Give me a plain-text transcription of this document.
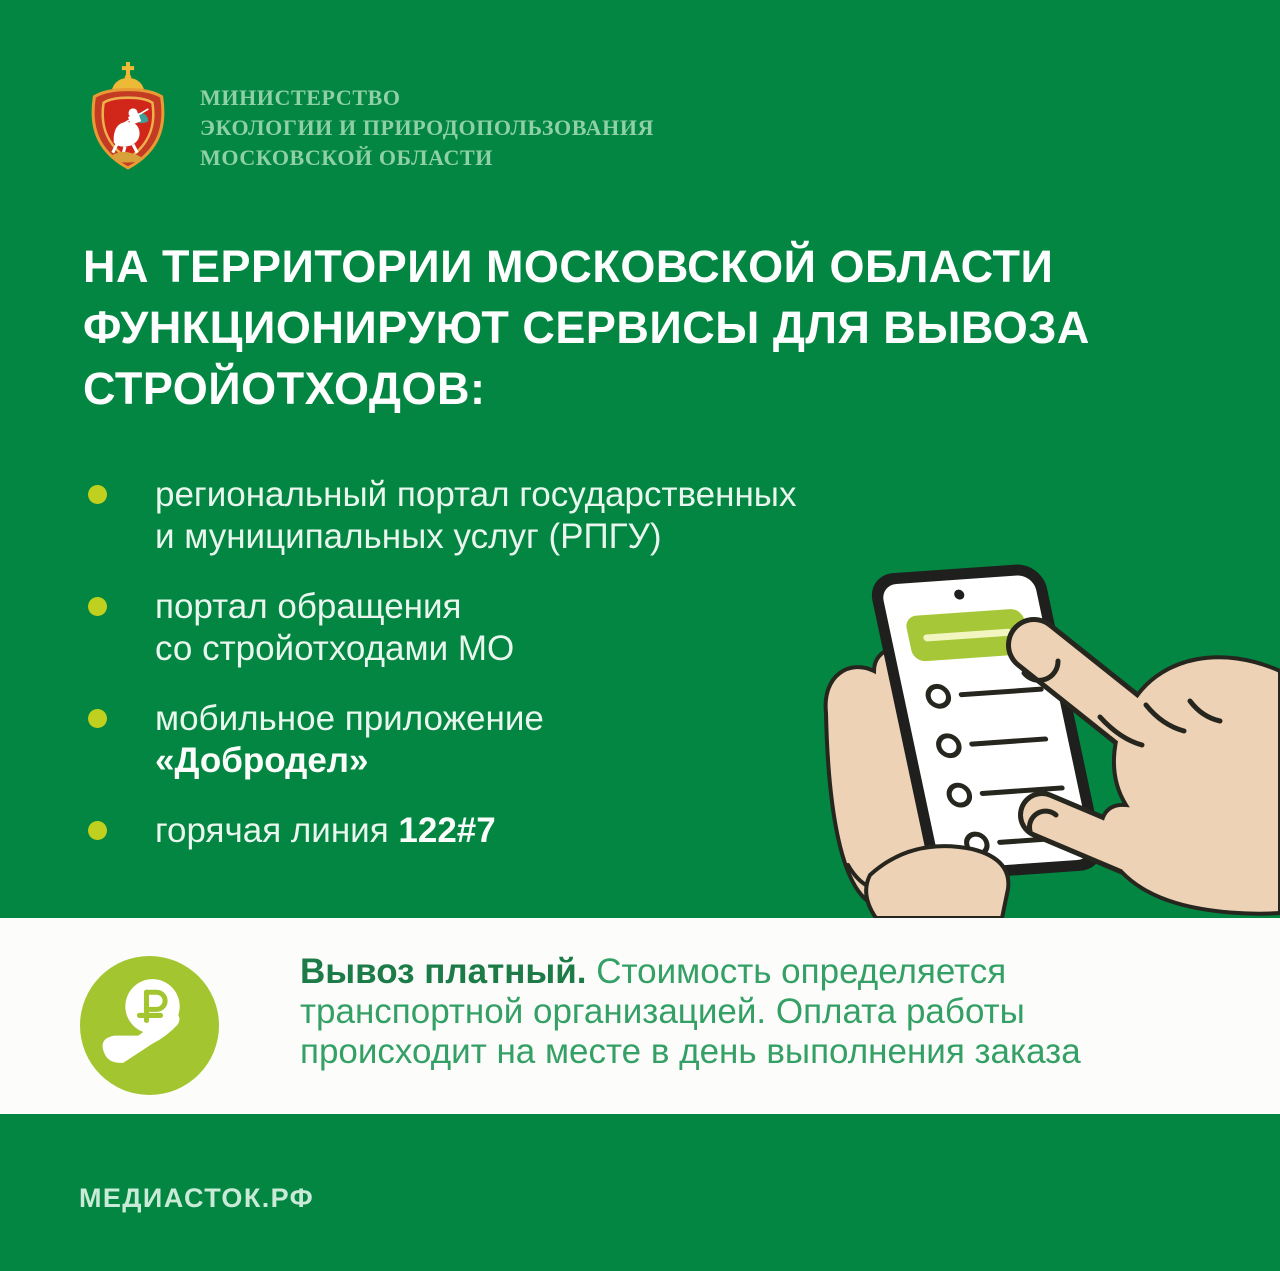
МИНИСТЕРСТВО
ЭКОЛОГИИ И ПРИРОДОПОЛЬЗОВАНИЯ
МОСКОВСКОЙ ОБЛАСТИ
НА ТЕРРИТОРИИ МОСКОВСКОЙ ОБЛАСТИ
ФУНКЦИОНИРУЮТ СЕРВИСЫ ДЛЯ ВЫВОЗА
СТРОЙОТХОДОВ:
региональный портал государственных
и муниципальных услуг (РПГУ)
портал обращения
со стройотходами МО
мобильное приложение
«Добродел»
горячая линия 122#7
Вывоз платный. Стоимость определяется
транспортной организацией. Оплата работы
происходит на месте в день выполнения заказа
МЕДИАСТОК.РФ
